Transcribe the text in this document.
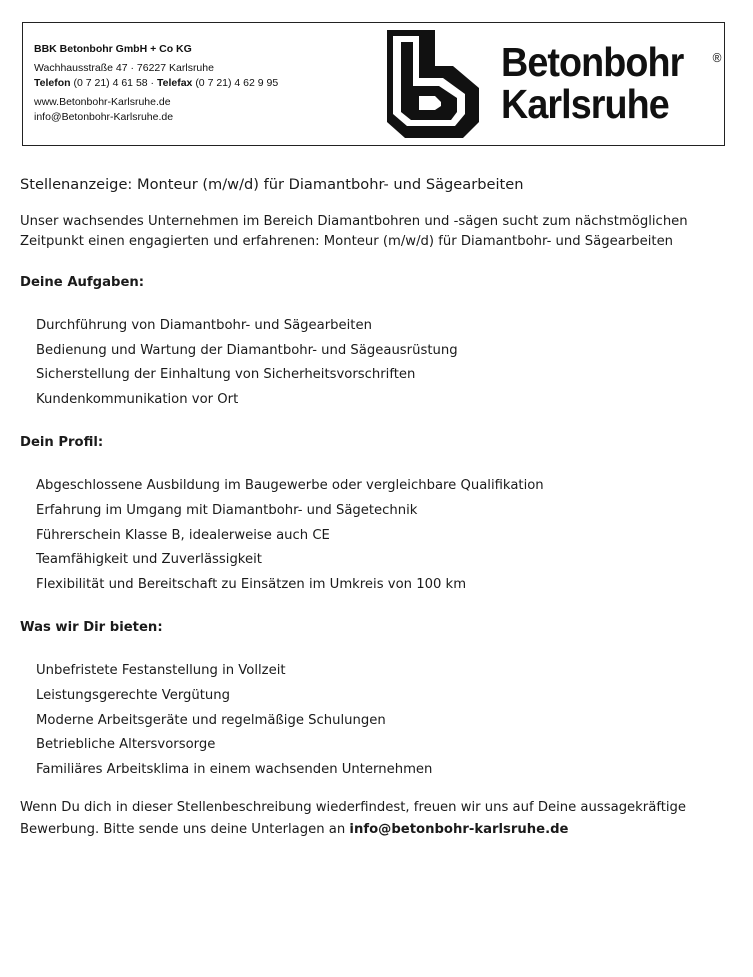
BBK Betonbohr GmbH + Co KG
Wachhausstraße 47 · 76227 Karlsruhe
Telefon (0 7 21) 4 61 58 · Telefax (0 7 21) 4 62 9 95
www.Betonbohr-Karlsruhe.de
info@Betonbohr-Karlsruhe.de
Betonbohr
Karlsruhe
®

Stellenanzeige: Monteur (m/w/d) für Diamantbohr- und Sägearbeiten

Unser wachsendes Unternehmen im Bereich Diamantbohren und -sägen sucht zum nächstmöglichen Zeitpunkt einen engagierten und erfahrenen: Monteur (m/w/d) für Diamantbohr- und Sägearbeiten

Deine Aufgaben:

Durchführung von Diamantbohr- und Sägearbeiten
Bedienung und Wartung der Diamantbohr- und Sägeausrüstung
Sicherstellung der Einhaltung von Sicherheitsvorschriften
Kundenkommunikation vor Ort

Dein Profil:

Abgeschlossene Ausbildung im Baugewerbe oder vergleichbare Qualifikation
Erfahrung im Umgang mit Diamantbohr- und Sägetechnik
Führerschein Klasse B, idealerweise auch CE
Teamfähigkeit und Zuverlässigkeit
Flexibilität und Bereitschaft zu Einsätzen im Umkreis von 100 km

Was wir Dir bieten:

Unbefristete Festanstellung in Vollzeit
Leistungsgerechte Vergütung
Moderne Arbeitsgeräte und regelmäßige Schulungen
Betriebliche Altersvorsorge
Familiäres Arbeitsklima in einem wachsenden Unternehmen

Wenn Du dich in dieser Stellenbeschreibung wiederfindest, freuen wir uns auf Deine aussagekräftige Bewerbung. Bitte sende uns deine Unterlagen an info@betonbohr-karlsruhe.de
